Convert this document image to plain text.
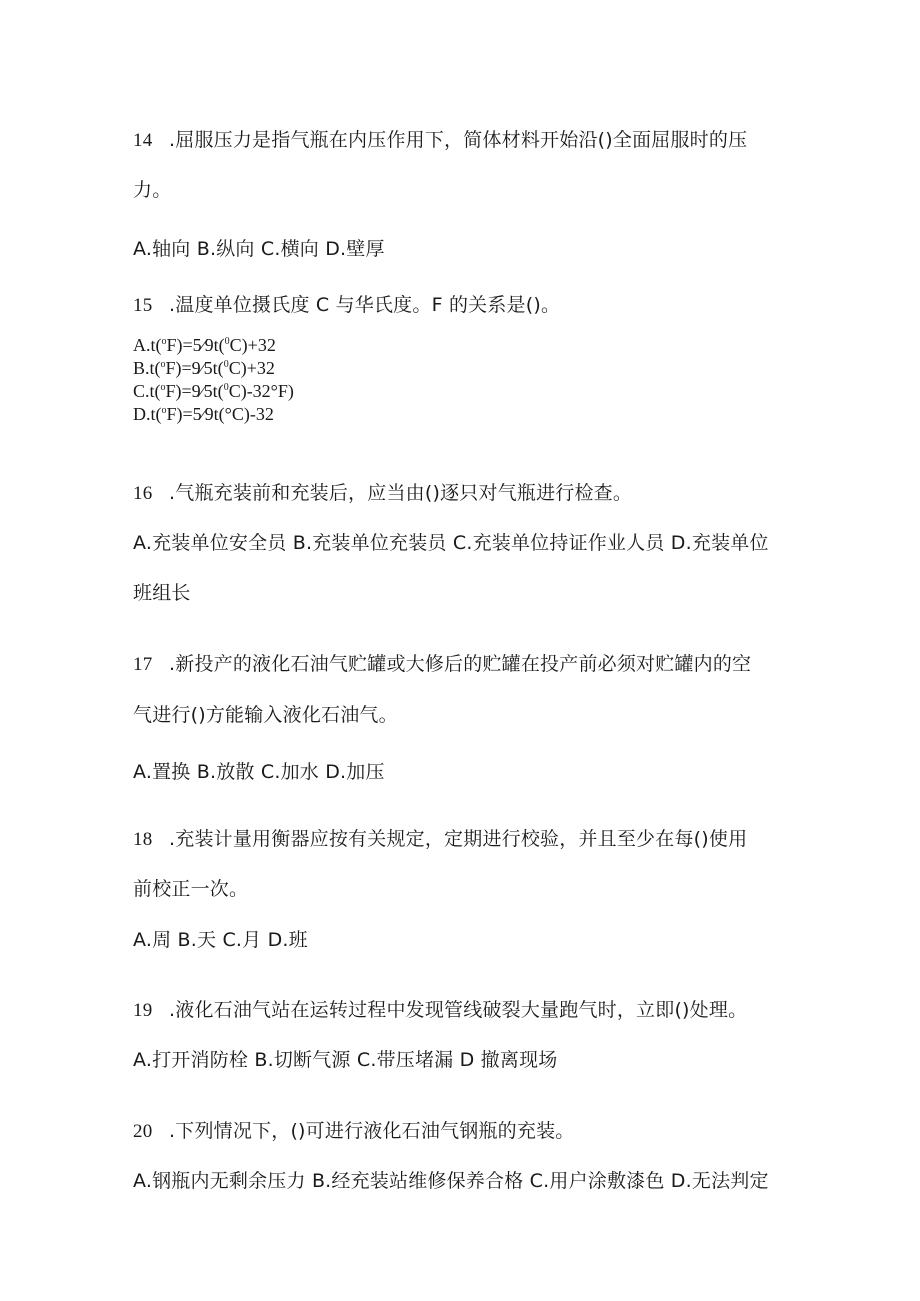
14 .屈服压力是指气瓶在内压作用下，简体材料开始沿()全面屈服时的压
力。
A.轴向 B.纵向 C.横向 D.壁厚
15 .温度单位摄氏度 C 与华氏度。F 的关系是()。
A.t($^o$F)=5⁄9t($^0$C)+32
B.t($^o$F)=9⁄5t($^0$C)+32
C.t($^o$F)=9⁄5t($^0$C)-32°F)
D.t($^o$F)=5⁄9t(°C)-32
16 .气瓶充装前和充装后，应当由()逐只对气瓶进行检查。
A.充装单位安全员 B.充装单位充装员 C.充装单位持证作业人员 D.充装单位
班组长
17 .新投产的液化石油气贮罐或大修后的贮罐在投产前必须对贮罐内的空
气进行()方能输入液化石油气。
A.置换 B.放散 C.加水 D.加压
18 .充装计量用衡器应按有关规定，定期进行校验，并且至少在每()使用
前校正一次。
A.周 B.天 C.月 D.班
19 .液化石油气站在运转过程中发现管线破裂大量跑气时，立即()处理。
A.打开消防栓 B.切断气源 C.带压堵漏 D 撤离现场
20 .下列情况下，()可进行液化石油气钢瓶的充装。
A.钢瓶内无剩余压力 B.经充装站维修保养合格 C.用户涂敷漆色 D.无法判定
